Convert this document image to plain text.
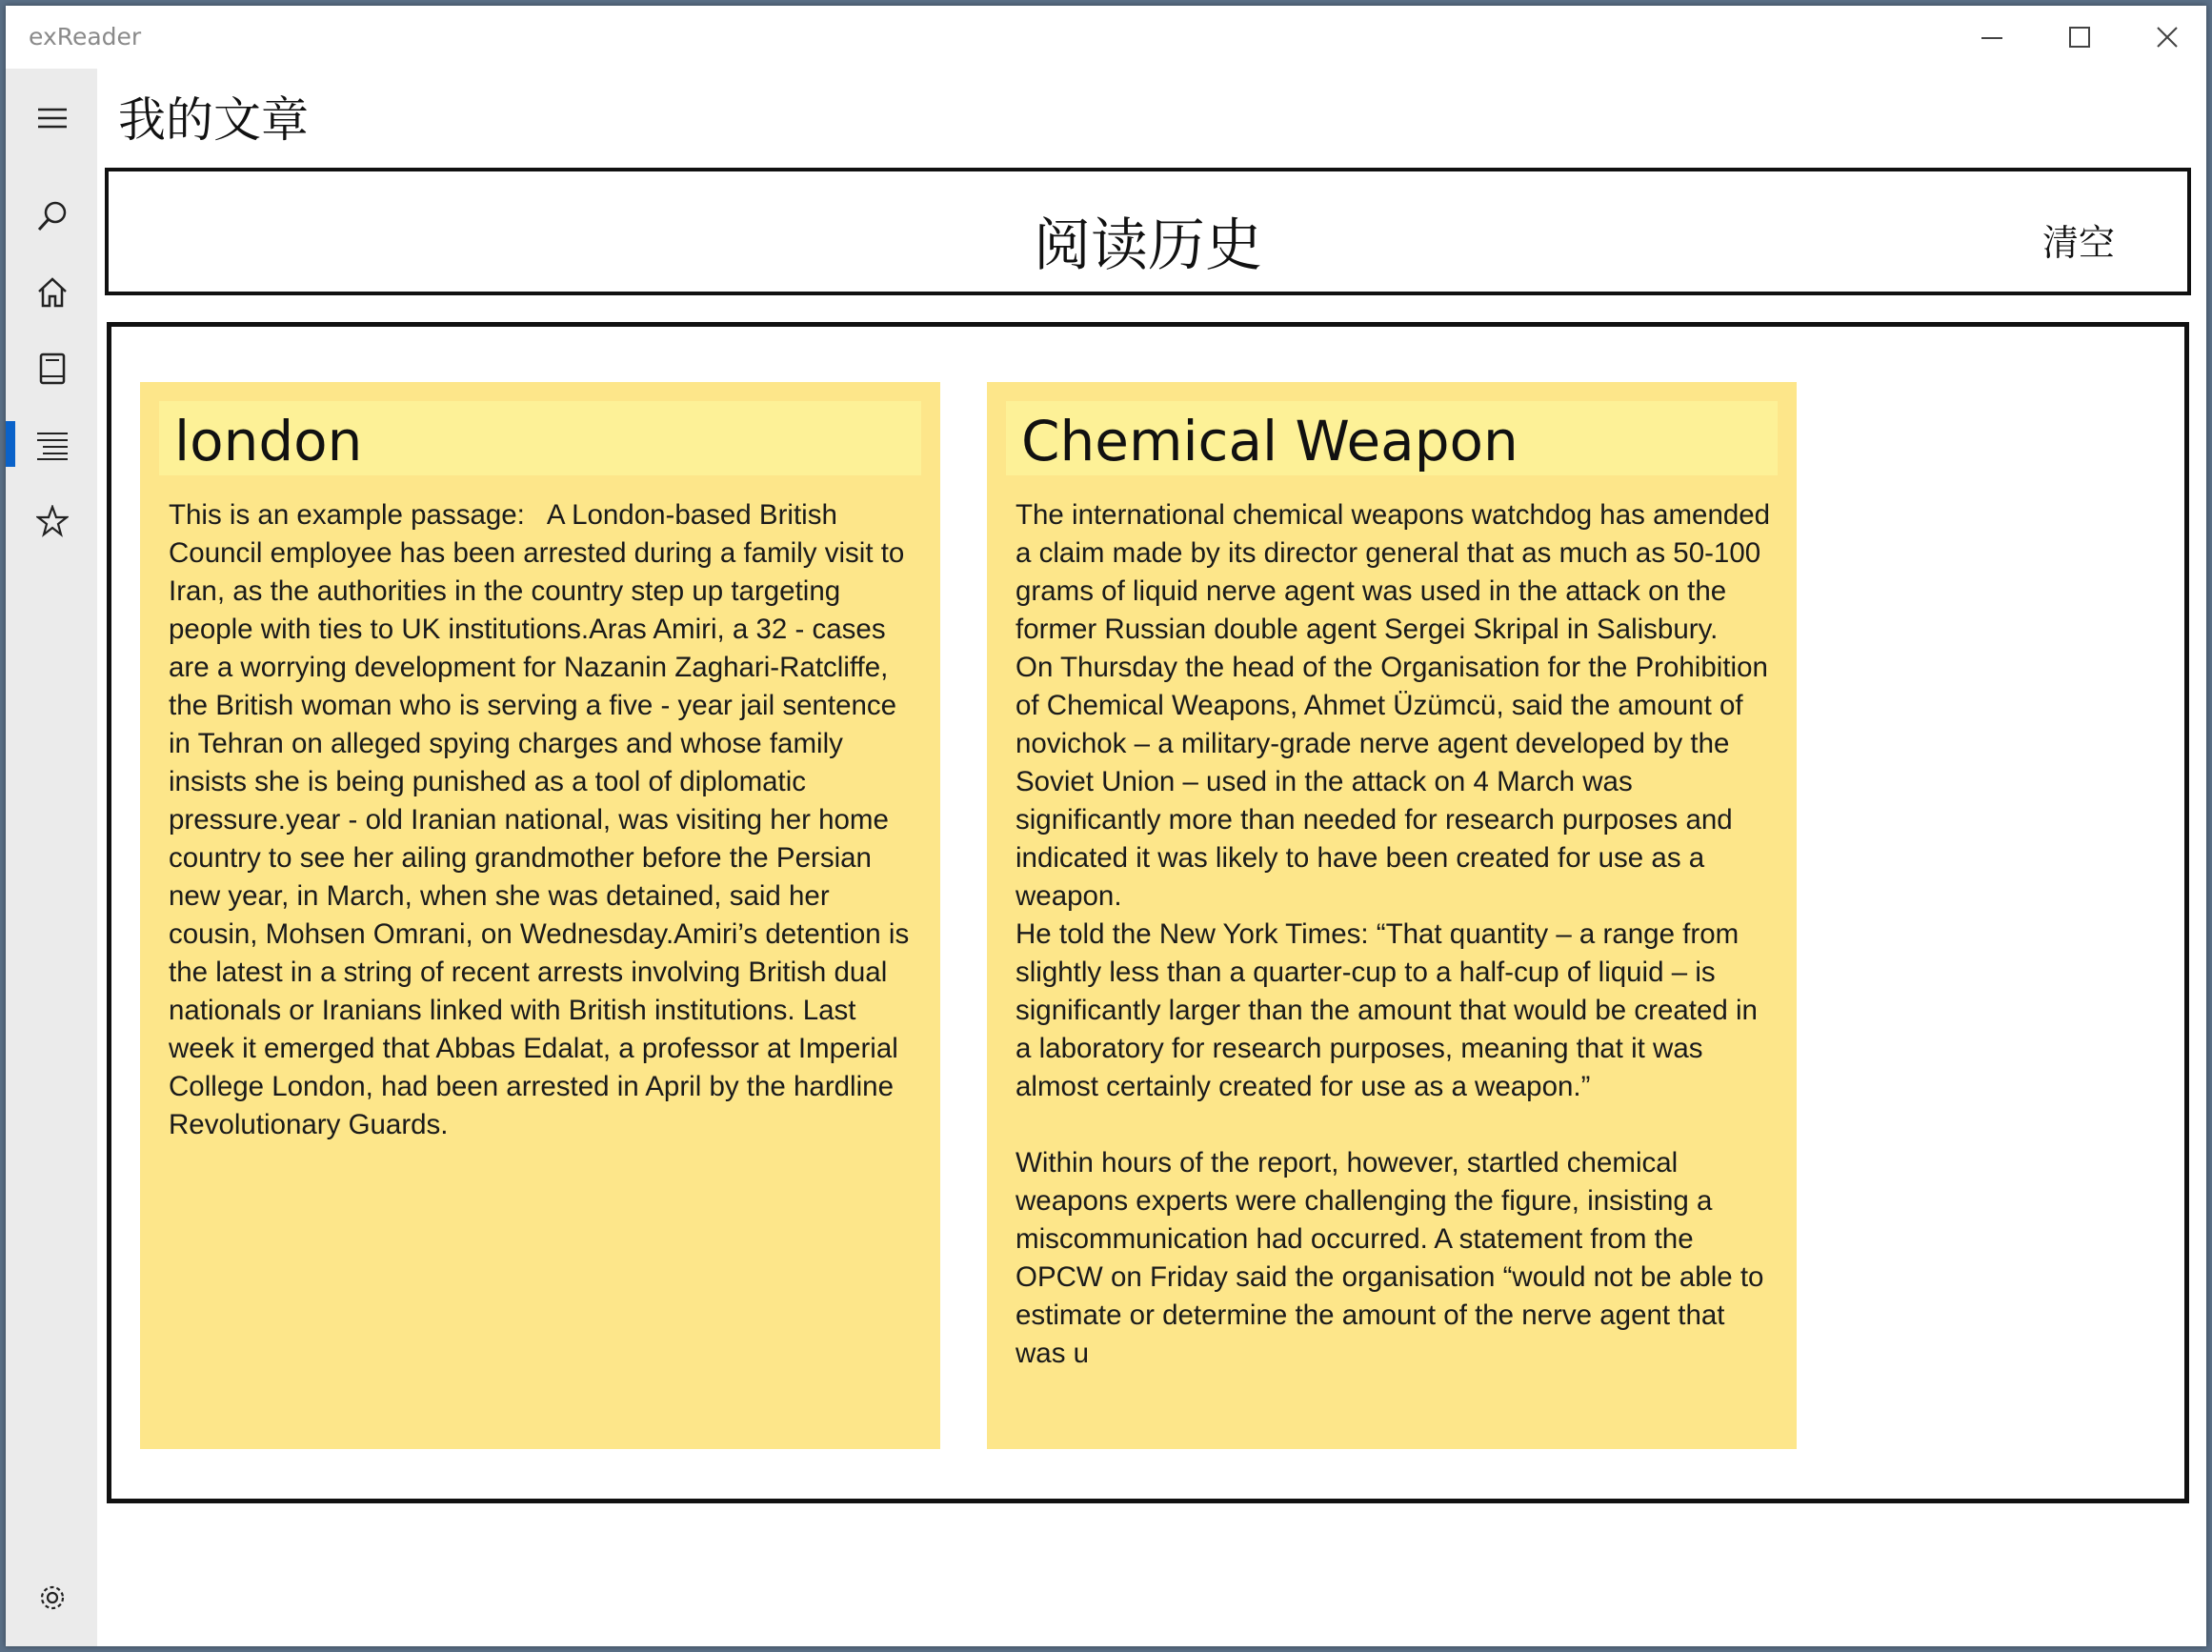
exReader
我的文章
阅读历史	清空
london
This is an example passage:   A London-based British Council employee has been arrested during a family visit to Iran, as the authorities in the country step up targeting people with ties to UK institutions.Aras Amiri, a 32 - cases are a worrying development for Nazanin Zaghari-Ratcliffe, the British woman who is serving a five - year jail sentence in Tehran on alleged spying charges and whose family insists she is being punished as a tool of diplomatic pressure.year - old Iranian national, was visiting her home country to see her ailing grandmother before the Persian new year, in March, when she was detained, said her cousin, Mohsen Omrani, on Wednesday.Amiri’s detention is the latest in a string of recent arrests involving British dual nationals or Iranians linked with British institutions. Last week it emerged that Abbas Edalat, a professor at Imperial College London, had been arrested in April by the hardline Revolutionary Guards.
Chemical Weapon
The international chemical weapons watchdog has amended a claim made by its director general that as much as 50-100 grams of liquid nerve agent was used in the attack on the former Russian double agent Sergei Skripal in Salisbury.
On Thursday the head of the Organisation for the Prohibition of Chemical Weapons, Ahmet Üzümcü, said the amount of novichok – a military-grade nerve agent developed by the Soviet Union – used in the attack on 4 March was significantly more than needed for research purposes and indicated it was likely to have been created for use as a weapon.
He told the New York Times: “That quantity – a range from slightly less than a quarter-cup to a half-cup of liquid – is significantly larger than the amount that would be created in a laboratory for research purposes, meaning that it was almost certainly created for use as a weapon.”

Within hours of the report, however, startled chemical weapons experts were challenging the figure, insisting a miscommunication had occurred. A statement from the OPCW on Friday said the organisation “would not be able to estimate or determine the amount of the nerve agent that was u
